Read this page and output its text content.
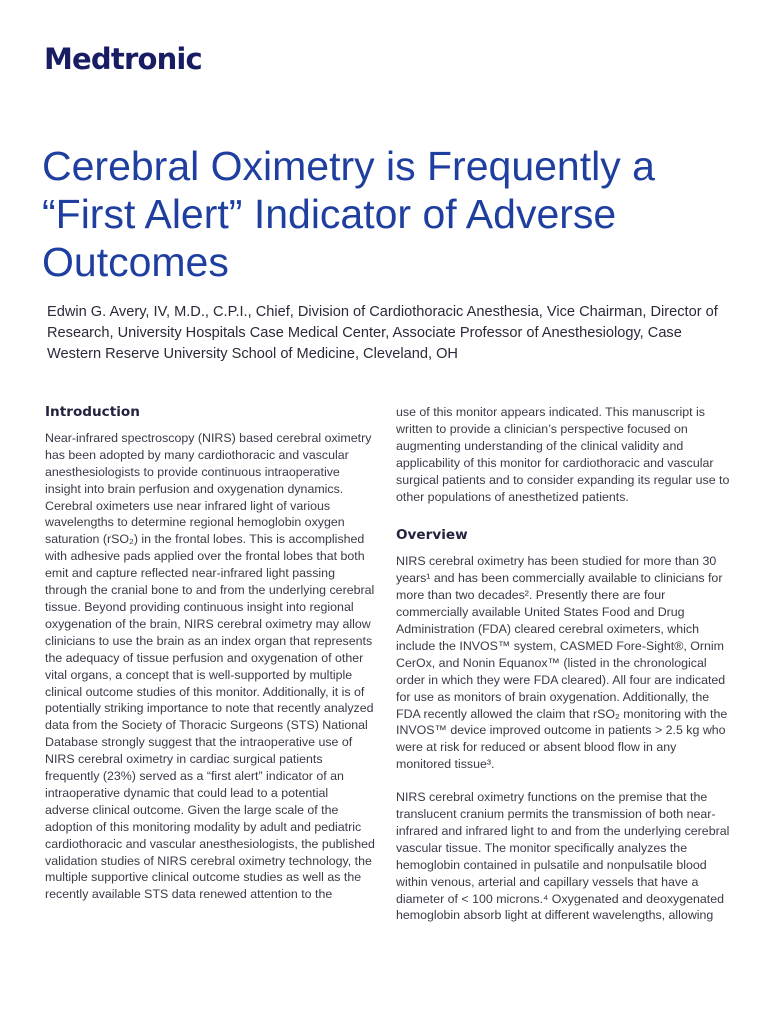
Medtronic
Cerebral Oximetry is Frequently a “First Alert” Indicator of Adverse Outcomes

Edwin G. Avery, IV, M.D., C.P.I., Chief, Division of Cardiothoracic Anesthesia, Vice Chairman, Director of Research, University Hospitals Case Medical Center, Associate Professor of Anesthesiology, Case Western Reserve University School of Medicine, Cleveland, OH

Introduction

Near-infrared spectroscopy (NIRS) based cerebral oximetry has been adopted by many cardiothoracic and vascular anesthesiologists to provide continuous intraoperative insight into brain perfusion and oxygenation dynamics. Cerebral oximeters use near infrared light of various wavelengths to determine regional hemoglobin oxygen saturation (rSO₂) in the frontal lobes. This is accomplished with adhesive pads applied over the frontal lobes that both emit and capture reflected near-infrared light passing through the cranial bone to and from the underlying cerebral tissue. Beyond providing continuous insight into regional oxygenation of the brain, NIRS cerebral oximetry may allow clinicians to use the brain as an index organ that represents the adequacy of tissue perfusion and oxygenation of other vital organs, a concept that is well-supported by multiple clinical outcome studies of this monitor. Additionally, it is of potentially striking importance to note that recently analyzed data from the Society of Thoracic Surgeons (STS) National Database strongly suggest that the intraoperative use of NIRS cerebral oximetry in cardiac surgical patients frequently (23%) served as a “first alert” indicator of an intraoperative dynamic that could lead to a potential adverse clinical outcome. Given the large scale of the adoption of this monitoring modality by adult and pediatric cardiothoracic and vascular anesthesiologists, the published validation studies of NIRS cerebral oximetry technology, the multiple supportive clinical outcome studies as well as the recently available STS data renewed attention to the

use of this monitor appears indicated. This manuscript is written to provide a clinician’s perspective focused on augmenting understanding of the clinical validity and applicability of this monitor for cardiothoracic and vascular surgical patients and to consider expanding its regular use to other populations of anesthetized patients.

Overview

NIRS cerebral oximetry has been studied for more than 30 years¹ and has been commercially available to clinicians for more than two decades². Presently there are four commercially available United States Food and Drug Administration (FDA) cleared cerebral oximeters, which include the INVOS™ system, CASMED Fore-Sight®, Ornim CerOx, and Nonin Equanox™ (listed in the chronological order in which they were FDA cleared). All four are indicated for use as monitors of brain oxygenation. Additionally, the FDA recently allowed the claim that rSO₂ monitoring with the INVOS™ device improved outcome in patients > 2.5 kg who were at risk for reduced or absent blood flow in any monitored tissue³.

NIRS cerebral oximetry functions on the premise that the translucent cranium permits the transmission of both near-infrared and infrared light to and from the underlying cerebral vascular tissue. The monitor specifically analyzes the hemoglobin contained in pulsatile and nonpulsatile blood within venous, arterial and capillary vessels that have a diameter of < 100 microns.⁴ Oxygenated and deoxygenated hemoglobin absorb light at different wavelengths, allowing
